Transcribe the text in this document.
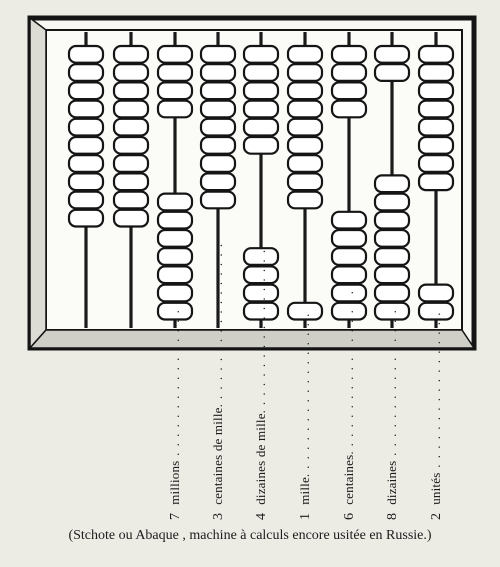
7millions . . . . . . . . . . . . . . . . .
3centaines de mille. . . . . . . . . . . . . . . . . .
4dizaines de mille. . . . . . . . . . . . . . . . . .
1mille. . . . . . . . . . . . . . . . . .
6centaines. . . . . . . . . . . . . . . . . .
8dizaines . . . . . . . . . . . . . . . . .
2unités . . . . . . . . . . . . . . . . .
(Stchote ou Abaque , machine à calculs encore usitée en Russie.)
